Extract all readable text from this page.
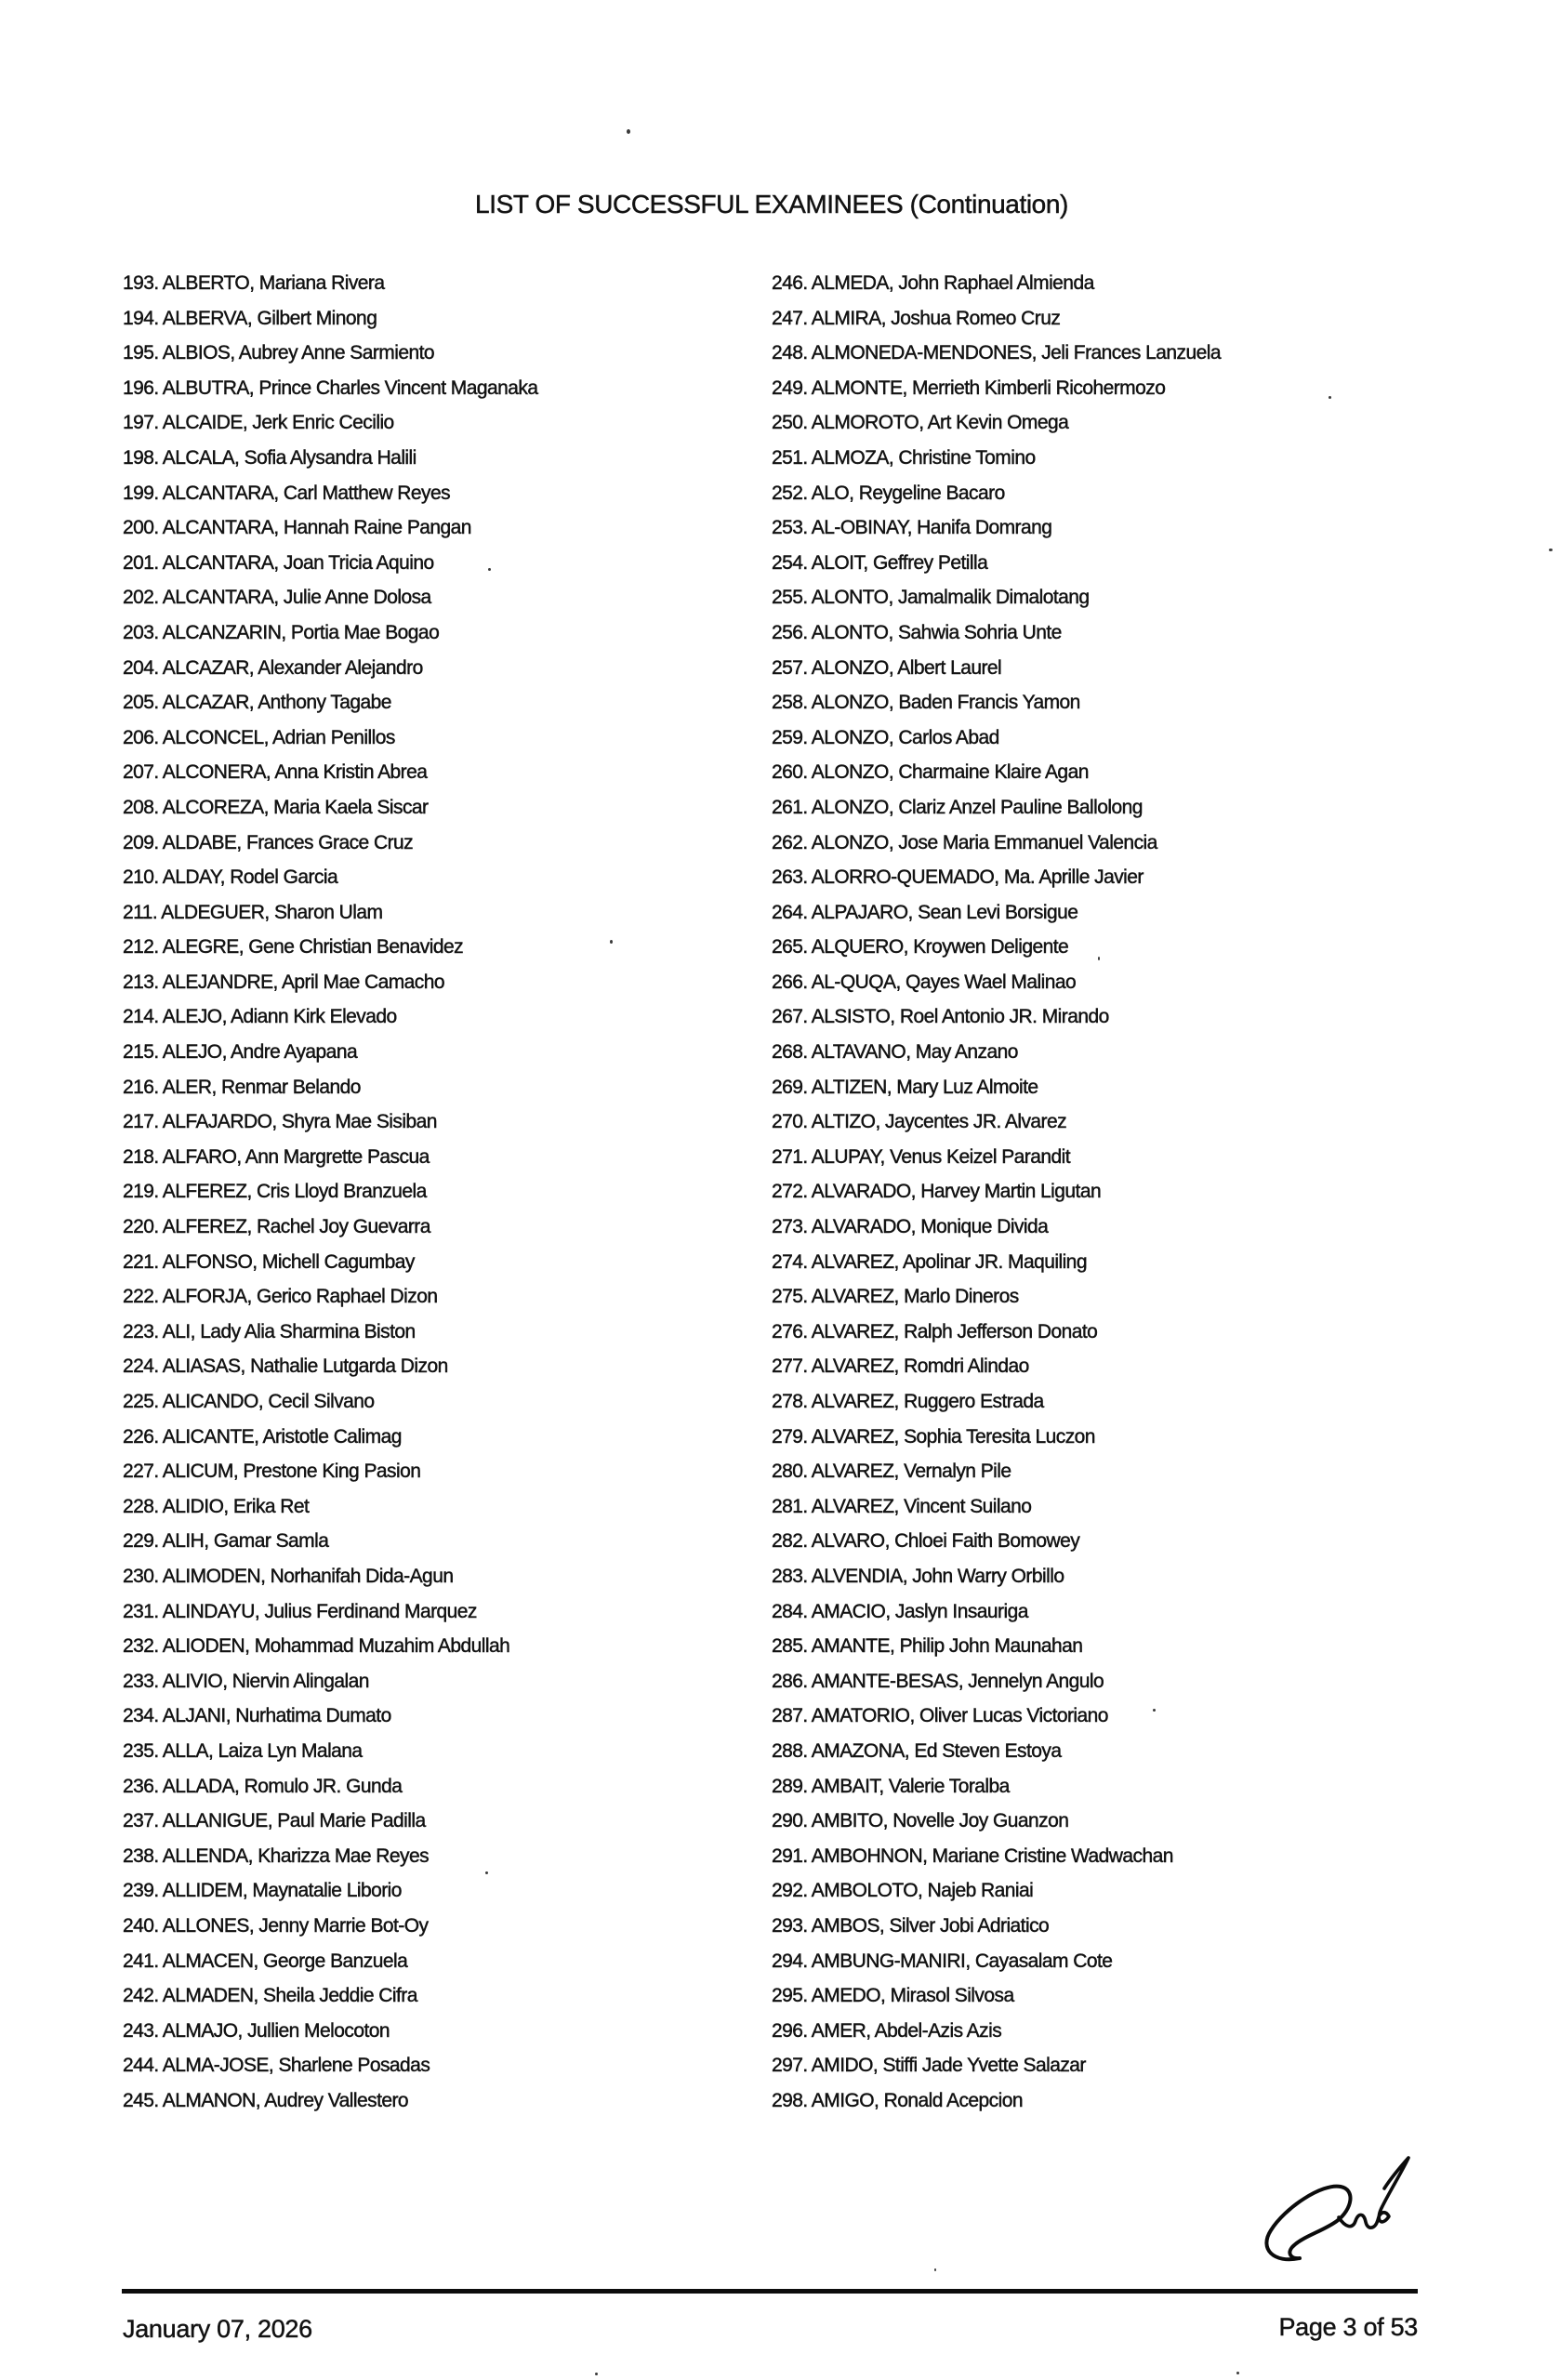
LIST OF SUCCESSFUL EXAMINEES (Continuation)
193. ALBERTO, Mariana Rivera
194. ALBERVA, Gilbert Minong
195. ALBIOS, Aubrey Anne Sarmiento
196. ALBUTRA, Prince Charles Vincent Maganaka
197. ALCAIDE, Jerk Enric Cecilio
198. ALCALA, Sofia Alysandra Halili
199. ALCANTARA, Carl Matthew Reyes
200. ALCANTARA, Hannah Raine Pangan
201. ALCANTARA, Joan Tricia Aquino
202. ALCANTARA, Julie Anne Dolosa
203. ALCANZARIN, Portia Mae Bogao
204. ALCAZAR, Alexander Alejandro
205. ALCAZAR, Anthony Tagabe
206. ALCONCEL, Adrian Penillos
207. ALCONERA, Anna Kristin Abrea
208. ALCOREZA, Maria Kaela Siscar
209. ALDABE, Frances Grace Cruz
210. ALDAY, Rodel Garcia
211. ALDEGUER, Sharon Ulam
212. ALEGRE, Gene Christian Benavidez
213. ALEJANDRE, April Mae Camacho
214. ALEJO, Adiann Kirk Elevado
215. ALEJO, Andre Ayapana
216. ALER, Renmar Belando
217. ALFAJARDO, Shyra Mae Sisiban
218. ALFARO, Ann Margrette Pascua
219. ALFEREZ, Cris Lloyd Branzuela
220. ALFEREZ, Rachel Joy Guevarra
221. ALFONSO, Michell Cagumbay
222. ALFORJA, Gerico Raphael Dizon
223. ALI, Lady Alia Sharmina Biston
224. ALIASAS, Nathalie Lutgarda Dizon
225. ALICANDO, Cecil Silvano
226. ALICANTE, Aristotle Calimag
227. ALICUM, Prestone King Pasion
228. ALIDIO, Erika Ret
229. ALIH, Gamar Samla
230. ALIMODEN, Norhanifah Dida-Agun
231. ALINDAYU, Julius Ferdinand Marquez
232. ALIODEN, Mohammad Muzahim Abdullah
233. ALIVIO, Niervin Alingalan
234. ALJANI, Nurhatima Dumato
235. ALLA, Laiza Lyn Malana
236. ALLADA, Romulo JR. Gunda
237. ALLANIGUE, Paul Marie Padilla
238. ALLENDA, Kharizza Mae Reyes
239. ALLIDEM, Maynatalie Liborio
240. ALLONES, Jenny Marrie Bot-Oy
241. ALMACEN, George Banzuela
242. ALMADEN, Sheila Jeddie Cifra
243. ALMAJO, Jullien Melocoton
244. ALMA-JOSE, Sharlene Posadas
245. ALMANON, Audrey Vallestero
246. ALMEDA, John Raphael Almienda
247. ALMIRA, Joshua Romeo Cruz
248. ALMONEDA-MENDONES, Jeli Frances Lanzuela
249. ALMONTE, Merrieth Kimberli Ricohermozo
250. ALMOROTO, Art Kevin Omega
251. ALMOZA, Christine Tomino
252. ALO, Reygeline Bacaro
253. AL-OBINAY, Hanifa Domrang
254. ALOIT, Geffrey Petilla
255. ALONTO, Jamalmalik Dimalotang
256. ALONTO, Sahwia Sohria Unte
257. ALONZO, Albert Laurel
258. ALONZO, Baden Francis Yamon
259. ALONZO, Carlos Abad
260. ALONZO, Charmaine Klaire Agan
261. ALONZO, Clariz Anzel Pauline Ballolong
262. ALONZO, Jose Maria Emmanuel Valencia
263. ALORRO-QUEMADO, Ma. Aprille Javier
264. ALPAJARO, Sean Levi Borsigue
265. ALQUERO, Kroywen Deligente
266. AL-QUQA, Qayes Wael Malinao
267. ALSISTO, Roel Antonio JR. Mirando
268. ALTAVANO, May Anzano
269. ALTIZEN, Mary Luz Almoite
270. ALTIZO, Jaycentes JR. Alvarez
271. ALUPAY, Venus Keizel Parandit
272. ALVARADO, Harvey Martin Ligutan
273. ALVARADO, Monique Divida
274. ALVAREZ, Apolinar JR. Maquiling
275. ALVAREZ, Marlo Dineros
276. ALVAREZ, Ralph Jefferson Donato
277. ALVAREZ, Romdri Alindao
278. ALVAREZ, Ruggero Estrada
279. ALVAREZ, Sophia Teresita Luczon
280. ALVAREZ, Vernalyn Pile
281. ALVAREZ, Vincent Suilano
282. ALVARO, Chloei Faith Bomowey
283. ALVENDIA, John Warry Orbillo
284. AMACIO, Jaslyn Insauriga
285. AMANTE, Philip John Maunahan
286. AMANTE-BESAS, Jennelyn Angulo
287. AMATORIO, Oliver Lucas Victoriano
288. AMAZONA, Ed Steven Estoya
289. AMBAIT, Valerie Toralba
290. AMBITO, Novelle Joy Guanzon
291. AMBOHNON, Mariane Cristine Wadwachan
292. AMBOLOTO, Najeb Raniai
293. AMBOS, Silver Jobi Adriatico
294. AMBUNG-MANIRI, Cayasalam Cote
295. AMEDO, Mirasol Silvosa
296. AMER, Abdel-Azis Azis
297. AMIDO, Stiffi Jade Yvette Salazar
298. AMIGO, Ronald Acepcion
January 07, 2026	Page 3 of 53
